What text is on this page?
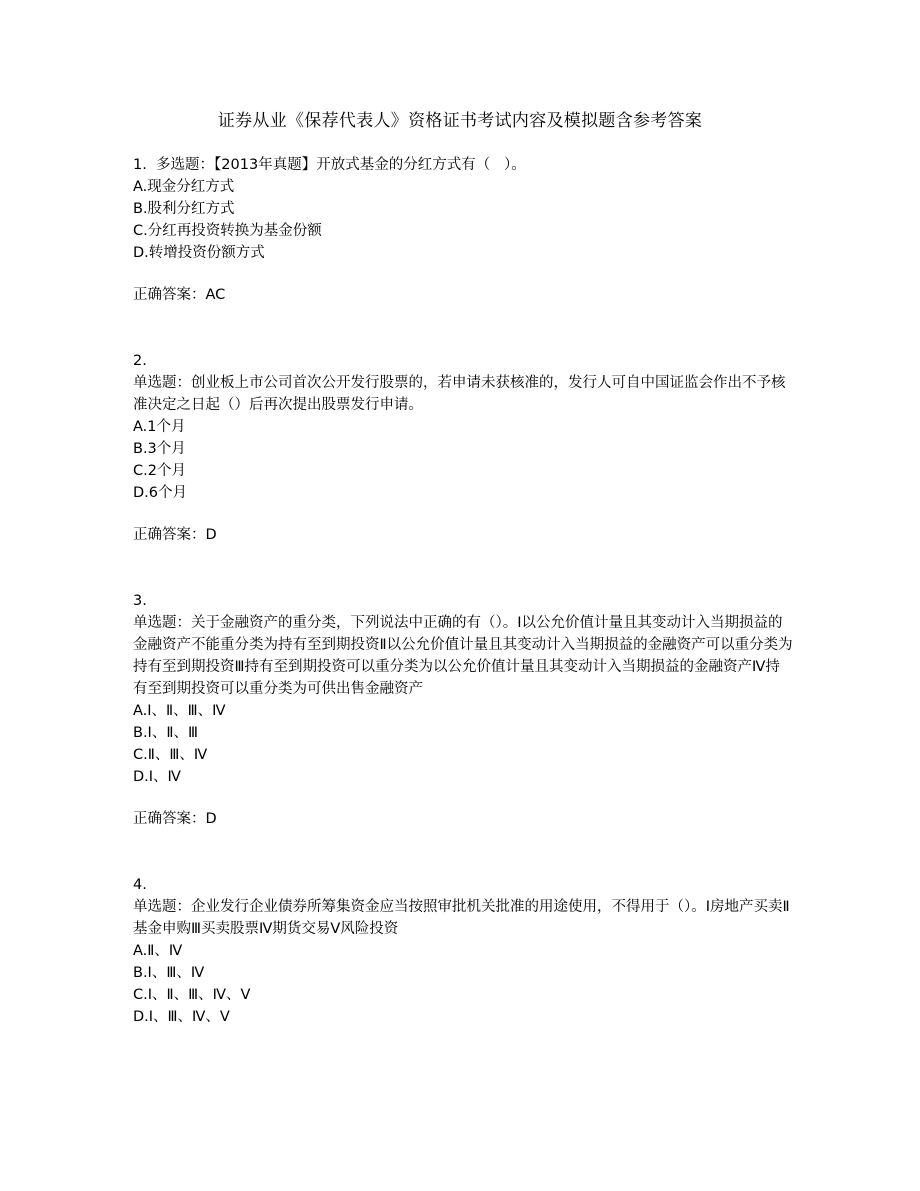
证券从业《保荐代表人》资格证书考试内容及模拟题含参考答案
1.  多选题：【2013年真题】开放式基金的分红方式有（   ）。
A.现金分红方式
B.股利分红方式
C.分红再投资转换为基金份额
D.转增投资份额方式
正确答案：AC
2.
单选题：创业板上市公司首次公开发行股票的，若申请未获核准的，发行人可自中国证监会作出不予核准决定之日起（）后再次提出股票发行申请。
A.1个月
B.3个月
C.2个月
D.6个月
正确答案：D
3.
单选题：关于金融资产的重分类，下列说法中正确的有（）。Ⅰ以公允价值计量且其变动计入当期损益的金融资产不能重分类为持有至到期投资Ⅱ以公允价值计量且其变动计入当期损益的金融资产可以重分类为持有至到期投资Ⅲ持有至到期投资可以重分类为以公允价值计量且其变动计入当期损益的金融资产Ⅳ持有至到期投资可以重分类为可供出售金融资产
A.Ⅰ、Ⅱ、Ⅲ、Ⅳ
B.Ⅰ、Ⅱ、Ⅲ
C.Ⅱ、Ⅲ、Ⅳ
D.Ⅰ、Ⅳ
正确答案：D
4.
单选题：企业发行企业债券所筹集资金应当按照审批机关批准的用途使用，不得用于（）。Ⅰ房地产买卖Ⅱ基金申购Ⅲ买卖股票Ⅳ期货交易Ⅴ风险投资
A.Ⅱ、Ⅳ
B.Ⅰ、Ⅲ、Ⅳ
C.Ⅰ、Ⅱ、Ⅲ、Ⅳ、Ⅴ
D.Ⅰ、Ⅲ、Ⅳ、Ⅴ
